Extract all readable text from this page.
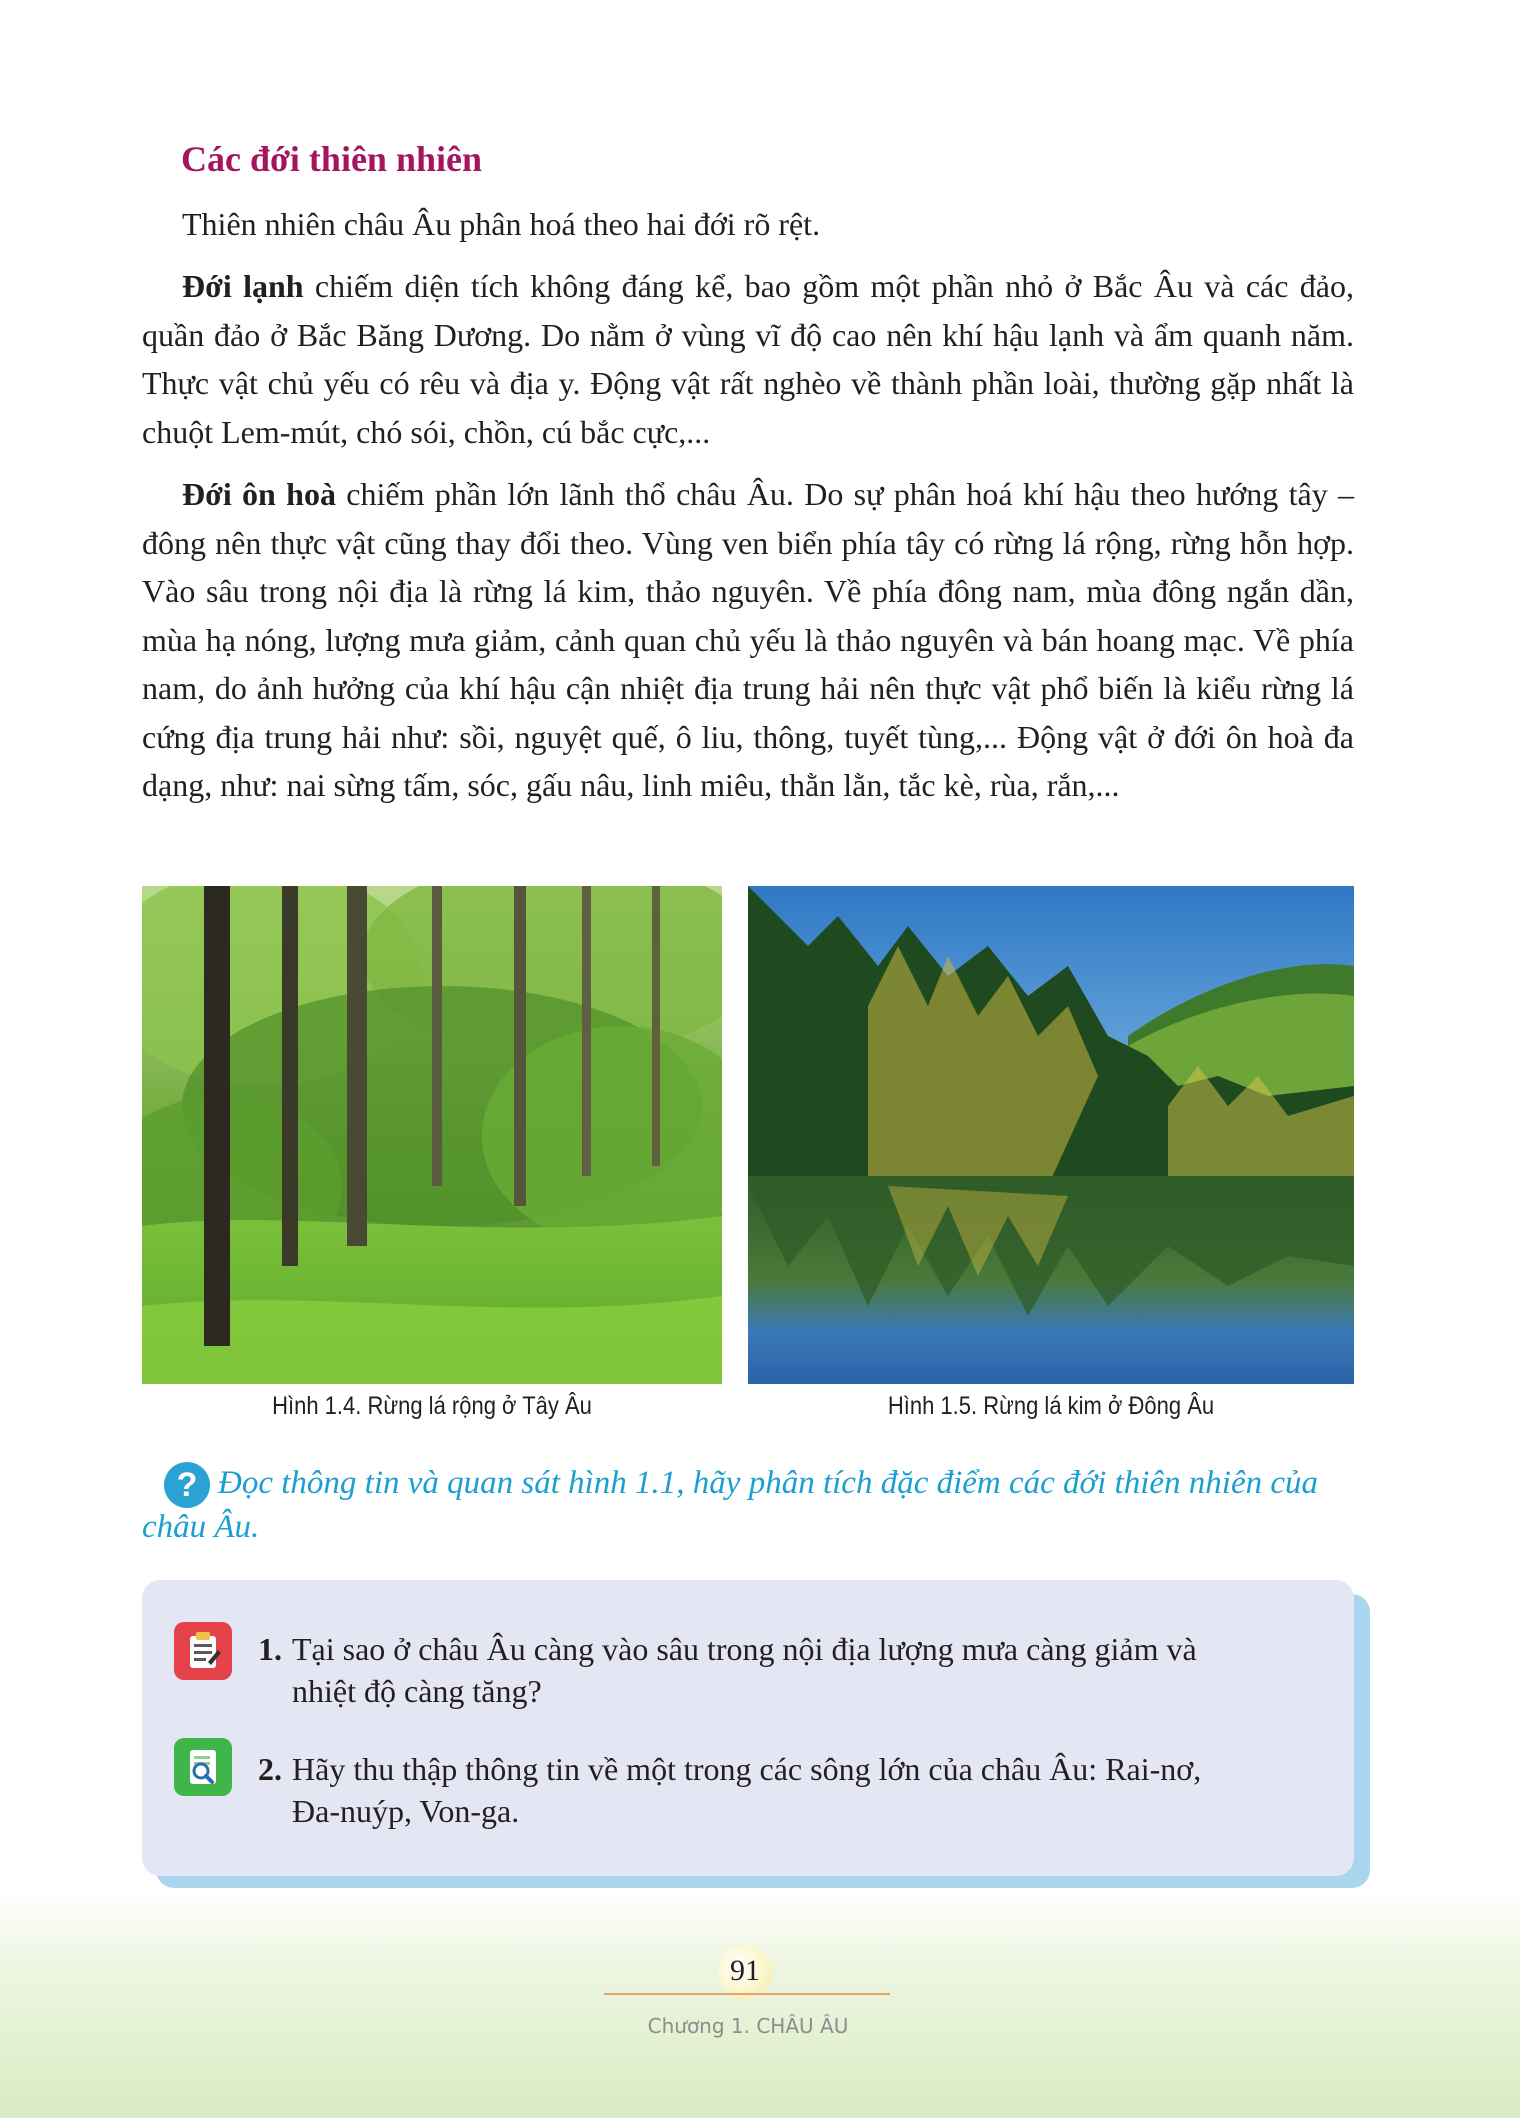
Các đới thiên nhiên

Thiên nhiên châu Âu phân hoá theo hai đới rõ rệt.

Đới lạnh chiếm diện tích không đáng kể, bao gồm một phần nhỏ ở Bắc Âu và các đảo, quần đảo ở Bắc Băng Dương. Do nằm ở vùng vĩ độ cao nên khí hậu lạnh và ẩm quanh năm. Thực vật chủ yếu có rêu và địa y. Động vật rất nghèo về thành phần loài, thường gặp nhất là chuột Lem-mút, chó sói, chồn, cú bắc cực,...

Đới ôn hoà chiếm phần lớn lãnh thổ châu Âu. Do sự phân hoá khí hậu theo hướng tây – đông nên thực vật cũng thay đổi theo. Vùng ven biển phía tây có rừng lá rộng, rừng hỗn hợp. Vào sâu trong nội địa là rừng lá kim, thảo nguyên. Về phía đông nam, mùa đông ngắn dần, mùa hạ nóng, lượng mưa giảm, cảnh quan chủ yếu là thảo nguyên và bán hoang mạc. Về phía nam, do ảnh hưởng của khí hậu cận nhiệt địa trung hải nên thực vật phổ biến là kiểu rừng lá cứng địa trung hải như: sồi, nguyệt quế, ô liu, thông, tuyết tùng,... Động vật ở đới ôn hoà đa dạng, như: nai sừng tấm, sóc, gấu nâu, linh miêu, thằn lằn, tắc kè, rùa, rắn,...

Hình 1.4. Rừng lá rộng ở Tây Âu	Hình 1.5. Rừng lá kim ở Đông Âu

Đọc thông tin và quan sát hình 1.1, hãy phân tích đặc điểm các đới thiên nhiên của châu Âu.

?
1. Tại sao ở châu Âu càng vào sâu trong nội địa lượng mưa càng giảm và nhiệt độ càng tăng?

2. Hãy thu thập thông tin về một trong các sông lớn của châu Âu: Rai-nơ, Đa-nuýp, Von-ga.

91
Chương 1. CHÂU ÂU
